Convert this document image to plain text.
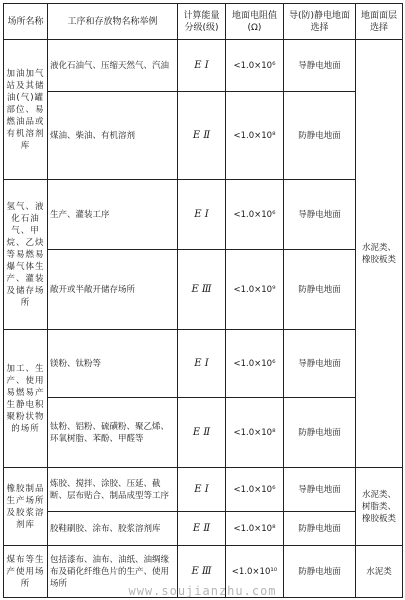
场所名称	工序和存放物名称举例	计算能量分级(级)	地面电阻值(Ω)	导(防)静电地面选择	地面面层选择
加油加气站及其储油(气)罐部位、易燃油品或有机溶剂库	液化石油气、压缩天然气、汽油	E Ⅰ	<1.0×10⁶	导静电地面	水泥类、橡胶板类
	煤油、柴油、有机溶剂	E Ⅱ	<1.0×10⁸	防静电地面	
氢气、液化石油气、甲烷、乙炔等易燃易爆气体生产、灌装及储存场所	生产、灌装工序	E Ⅰ	<1.0×10⁶	导静电地面	
	敞开或半敞开储存场所	E Ⅲ	<1.0×10⁹	防静电地面	
加工、生产、使用易燃易产生静电积聚粉状物的场所	镁粉、钛粉等	E Ⅰ	<1.0×10⁶	导静电地面	
	钛粉、铝粉、硫磺粉、聚乙烯、环氧树脂、苯酚、甲醛等	E Ⅱ	<1.0×10⁸	防静电地面	
橡胶制品生产场所及胶浆溶剂库	炼胶、搅拌、涂胶、压延、截断、层布贴合、制品成型等工序	E Ⅰ	<1.0×10⁶	导静电地面	水泥类、树脂类、橡胶板类
	胶鞋刷胶、涂布、胶浆溶剂库	E Ⅱ	<1.0×10⁸	防静电地面	
煤布等生产使用场所	包括漆布、油布、油纸、油绸缘布及硝化纤维色片的生产、使用场所	E Ⅲ	<1.0×10¹⁰	防静电地面	水泥类
www.soujianzhu.com
